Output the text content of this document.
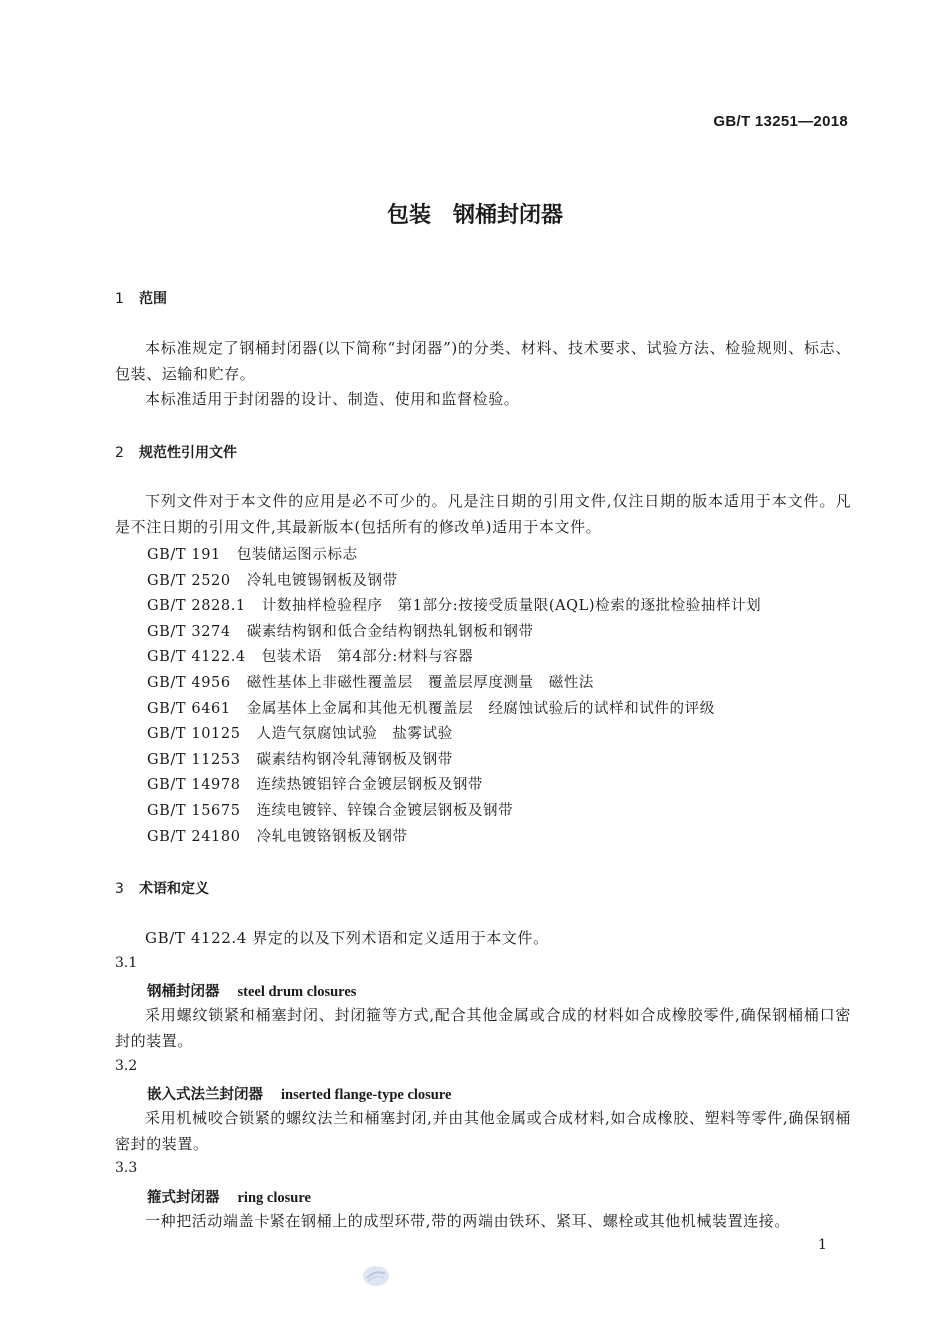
GB/T 13251—2018
包装　钢桶封闭器
1 范围
本标准规定了钢桶封闭器(以下简称“封闭器”)的分类、材料、技术要求、试验方法、检验规则、标志、包装、运输和贮存。
本标准适用于封闭器的设计、制造、使用和监督检验。
2 规范性引用文件
下列文件对于本文件的应用是必不可少的。凡是注日期的引用文件,仅注日期的版本适用于本文件。凡是不注日期的引用文件,其最新版本(包括所有的修改单)适用于本文件。
GB/T 191 包装储运图示标志
GB/T 2520 冷轧电镀锡钢板及钢带
GB/T 2828.1 计数抽样检验程序　第1部分:按接受质量限(AQL)检索的逐批检验抽样计划
GB/T 3274 碳素结构钢和低合金结构钢热轧钢板和钢带
GB/T 4122.4 包装术语　第4部分:材料与容器
GB/T 4956 磁性基体上非磁性覆盖层　覆盖层厚度测量　磁性法
GB/T 6461 金属基体上金属和其他无机覆盖层　经腐蚀试验后的试样和试件的评级
GB/T 10125 人造气氛腐蚀试验　盐雾试验
GB/T 11253 碳素结构钢冷轧薄钢板及钢带
GB/T 14978 连续热镀铝锌合金镀层钢板及钢带
GB/T 15675 连续电镀锌、锌镍合金镀层钢板及钢带
GB/T 24180 冷轧电镀铬钢板及钢带
3 术语和定义
GB/T 4122.4 界定的以及下列术语和定义适用于本文件。
3.1
钢桶封闭器 steel drum closures
采用螺纹锁紧和桶塞封闭、封闭箍等方式,配合其他金属或合成的材料如合成橡胶零件,确保钢桶桶口密封的装置。
3.2
嵌入式法兰封闭器 inserted flange-type closure
采用机械咬合锁紧的螺纹法兰和桶塞封闭,并由其他金属或合成材料,如合成橡胶、塑料等零件,确保钢桶密封的装置。
3.3
箍式封闭器 ring closure
一种把活动端盖卡紧在钢桶上的成型环带,带的两端由铁环、紧耳、螺栓或其他机械装置连接。
1
